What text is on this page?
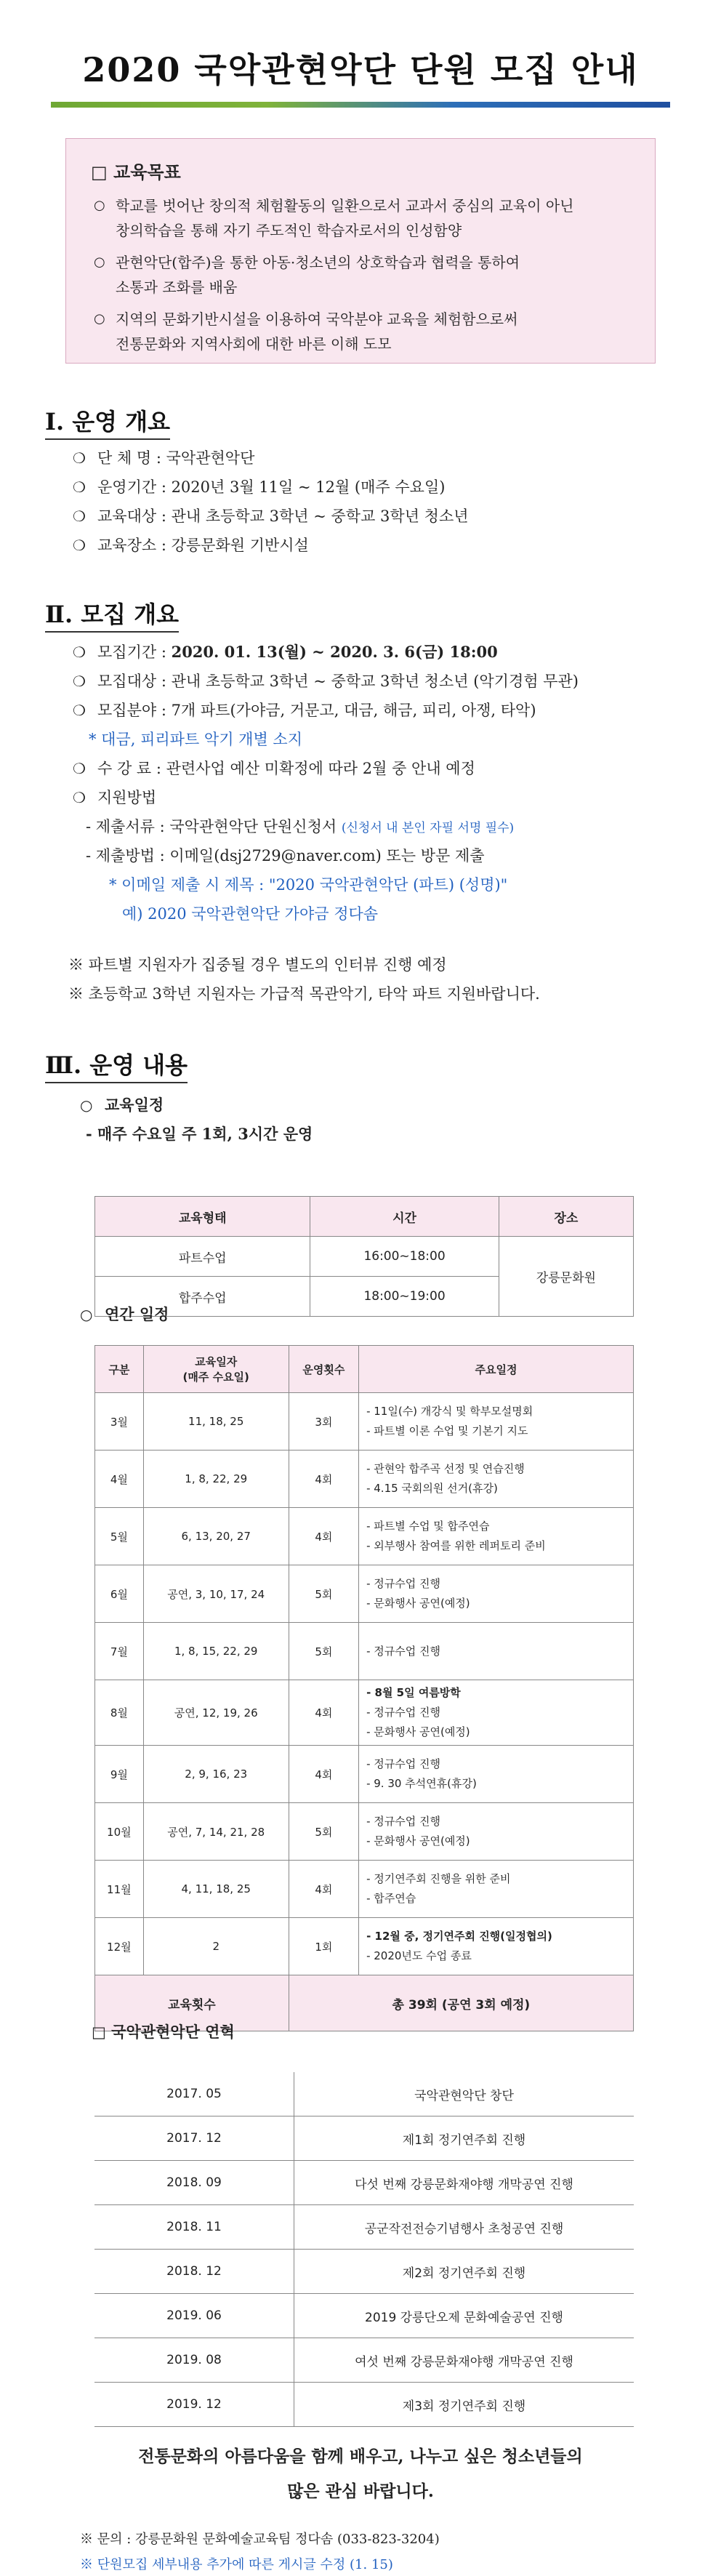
2020 국악관현악단 단원 모집 안내
□ 교육목표
○ 학교를 벗어난 창의적 체험활동의 일환으로서 교과서 중심의 교육이 아닌
창의학습을 통해 자기 주도적인 학습자로서의 인성함양
○ 관현악단(합주)을 통한 아동·청소년의 상호학습과 협력을 통하여
소통과 조화를 배움
○ 지역의 문화기반시설을 이용하여 국악분야 교육을 체험함으로써
전통문화와 지역사회에 대한 바른 이해 도모
Ⅰ. 운영 개요
❍ 단 체 명 : 국악관현악단
❍ 운영기간 : 2020년 3월 11일 ~ 12월 (매주 수요일)
❍ 교육대상 : 관내 초등학교 3학년 ~ 중학교 3학년 청소년
❍ 교육장소 : 강릉문화원 기반시설
Ⅱ. 모집 개요
❍ 모집기간 : 2020. 01. 13(월) ~ 2020. 3. 6(금) 18:00
❍ 모집대상 : 관내 초등학교 3학년 ~ 중학교 3학년 청소년 (악기경험 무관)
❍ 모집분야 : 7개 파트(가야금, 거문고, 대금, 해금, 피리, 아쟁, 타악)
* 대금, 피리파트 악기 개별 소지
❍ 수 강 료 : 관련사업 예산 미확정에 따라 2월 중 안내 예정
❍ 지원방법
- 제출서류 : 국악관현악단 단원신청서 (신청서 내 본인 자필 서명 필수)
- 제출방법 : 이메일(dsj2729@naver.com) 또는 방문 제출
* 이메일 제출 시 제목 : "2020 국악관현악단 (파트) (성명)"
예) 2020 국악관현악단 가야금 정다솜
※ 파트별 지원자가 집중될 경우 별도의 인터뷰 진행 예정
※ 초등학교 3학년 지원자는 가급적 목관악기, 타악 파트 지원바랍니다.
Ⅲ. 운영 내용
○ 교육일정
- 매주 수요일 주 1회, 3시간 운영
교육형태	시간	장소
파트수업	16:00~18:00	강릉문화원
합주수업	18:00~19:00	
○ 연간 일정
구분	교육일자
(매주 수요일)	운영횟수	주요일정
3월	11, 18, 25	3회	- 11일(수) 개강식 및 학부모설명회
- 파트별 이론 수업 및 기본기 지도

4월	1, 8, 22, 29	4회	- 관현악 합주곡 선정 및 연습진행
- 4.15 국회의원 선거(휴강)

5월	6, 13, 20, 27	4회	- 파트별 수업 및 합주연습
- 외부행사 참여를 위한 레퍼토리 준비

6월	공연, 3, 10, 17, 24	5회	- 정규수업 진행
- 문화행사 공연(예정)

7월	1, 8, 15, 22, 29	5회	- 정규수업 진행

8월	공연, 12, 19, 26	4회	- 8월 5일 여름방학
- 정규수업 진행
- 문화행사 공연(예정)

9월	2, 9, 16, 23	4회	- 정규수업 진행
- 9. 30 추석연휴(휴강)

10월	공연, 7, 14, 21, 28	5회	- 정규수업 진행
- 문화행사 공연(예정)

11월	4, 11, 18, 25	4회	- 정기연주회 진행을 위한 준비
- 합주연습

12월	2	1회	- 12월 중, 정기연주회 진행(일정협의)
- 2020년도 수업 종료

교육횟수		총 39회 (공연 3회 예정)	
□ 국악관현악단 연혁
2017. 05	국악관현악단 창단
2017. 12	제1회 정기연주회 진행
2018. 09	다섯 번째 강릉문화재야행 개막공연 진행
2018. 11	공군작전전승기념행사 초청공연 진행
2018. 12	제2회 정기연주회 진행
2019. 06	2019 강릉단오제 문화예술공연 진행
2019. 08	여섯 번째 강릉문화재야행 개막공연 진행
2019. 12	제3회 정기연주회 진행
전통문화의 아름다움을 함께 배우고, 나누고 싶은 청소년들의
많은 관심 바랍니다.
※ 문의 : 강릉문화원 문화예술교육팀 정다솜 (033-823-3204)
※ 단원모집 세부내용 추가에 따른 게시글 수정 (1. 15)
